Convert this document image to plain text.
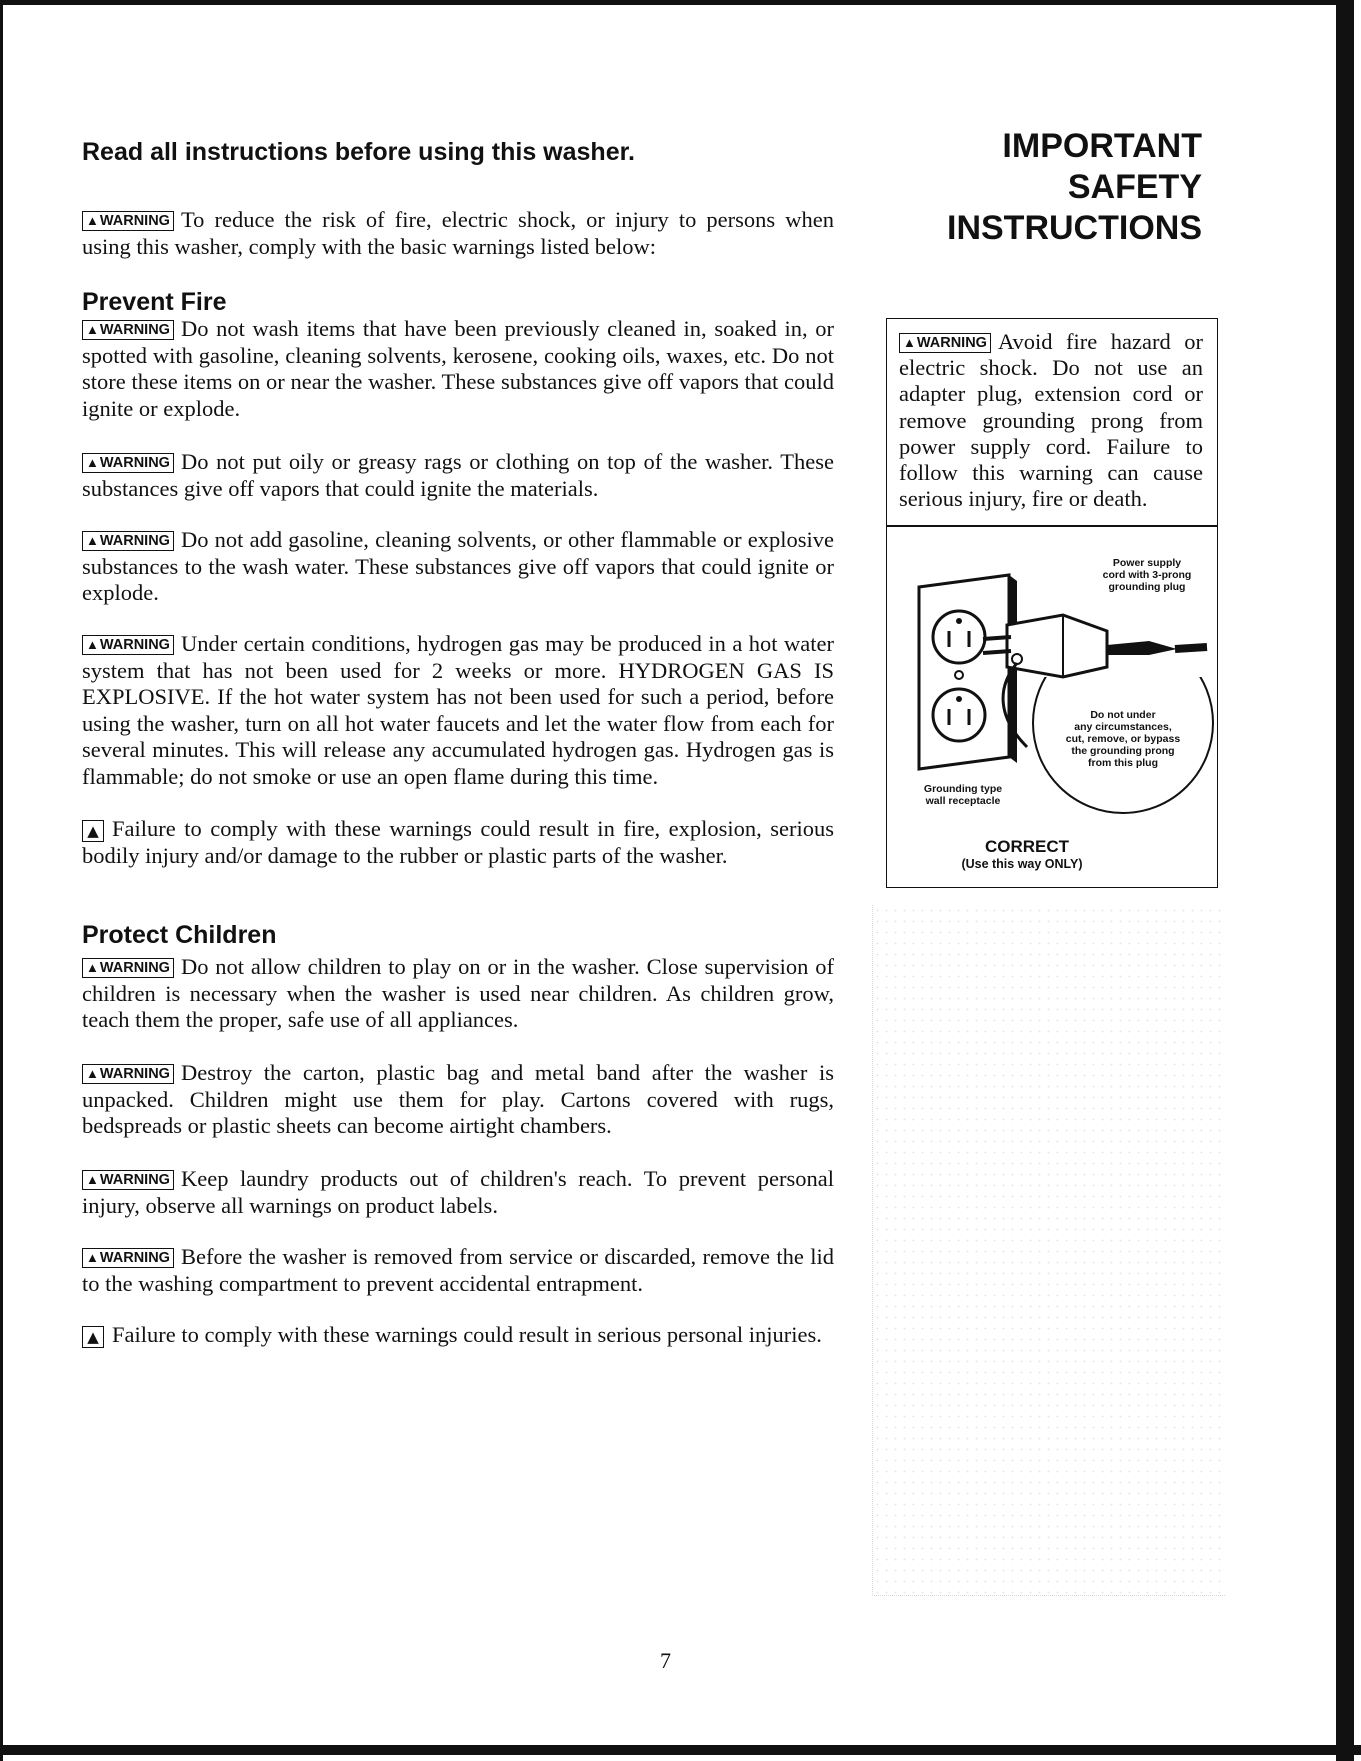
Read all instructions before using this washer.
▲WARNING To reduce the risk of fire, electric shock, or injury to persons when using this washer, comply with the basic warnings listed below:
Prevent Fire
▲WARNING Do not wash items that have been previously cleaned in, soaked in, or spotted with gasoline, cleaning solvents, kerosene, cooking oils, waxes, etc. Do not store these items on or near the washer. These substances give off vapors that could ignite or explode.
▲WARNING Do not put oily or greasy rags or clothing on top of the washer. These substances give off vapors that could ignite the materials.
▲WARNING Do not add gasoline, cleaning solvents, or other flammable or explosive substances to the wash water. These substances give off vapors that could ignite or explode.
▲WARNING Under certain conditions, hydrogen gas may be produced in a hot water system that has not been used for 2 weeks or more. HYDROGEN GAS IS EXPLOSIVE. If the hot water system has not been used for such a period, before using the washer, turn on all hot water faucets and let the water flow from each for several minutes. This will release any accumulated hydrogen gas. Hydrogen gas is flammable; do not smoke or use an open flame during this time.
▲ Failure to comply with these warnings could result in fire, explosion, serious bodily injury and/or damage to the rubber or plastic parts of the washer.
Protect Children
▲WARNING Do not allow children to play on or in the washer. Close supervision of children is necessary when the washer is used near children. As children grow, teach them the proper, safe use of all appliances.
▲WARNING Destroy the carton, plastic bag and metal band after the washer is unpacked. Children might use them for play. Cartons covered with rugs, bedspreads or plastic sheets can become airtight chambers.
▲WARNING Keep laundry products out of children's reach. To prevent personal injury, observe all warnings on product labels.
▲WARNING Before the washer is removed from service or discarded, remove the lid to the washing compartment to prevent accidental entrapment.
▲ Failure to comply with these warnings could result in serious personal injuries.
IMPORTANT
SAFETY
INSTRUCTIONS
▲WARNING Avoid fire hazard or electric shock. Do not use an adapter plug, extension cord or remove grounding prong from power supply cord. Failure to follow this warning can cause serious injury, fire or death.
Power supply
cord with 3-prong
grounding plug
Do not under
any circumstances,
cut, remove, or bypass
the grounding prong
from this plug
Grounding type
wall receptacle
CORRECT
(Use this way ONLY)
7
